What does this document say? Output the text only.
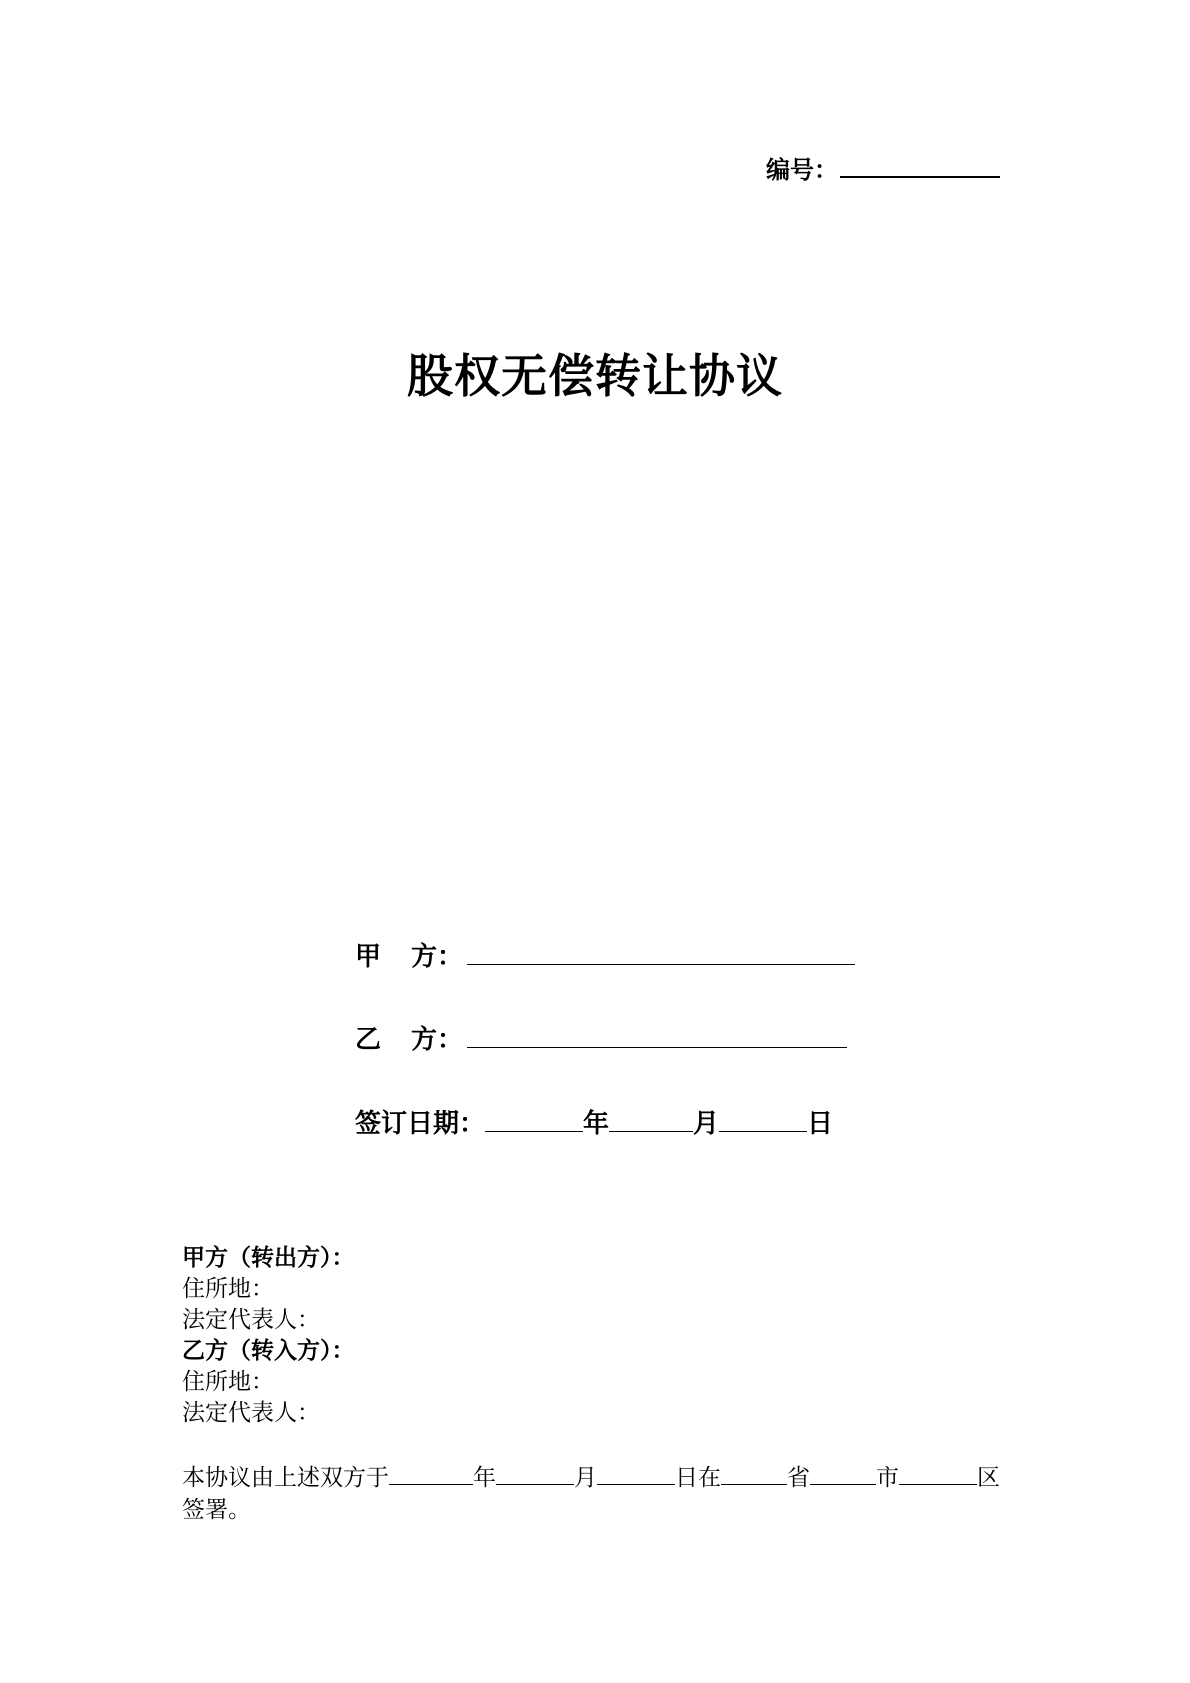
编号：
股权无偿转让协议
甲 方：
乙 方：
签订日期：	年	月	日
甲方（转出方）：
住所地：
法定代表人：
乙方（转入方）：
住所地：
法定代表人：
本协议由上述双方于	年	月	日在	省	市	区
签署。
